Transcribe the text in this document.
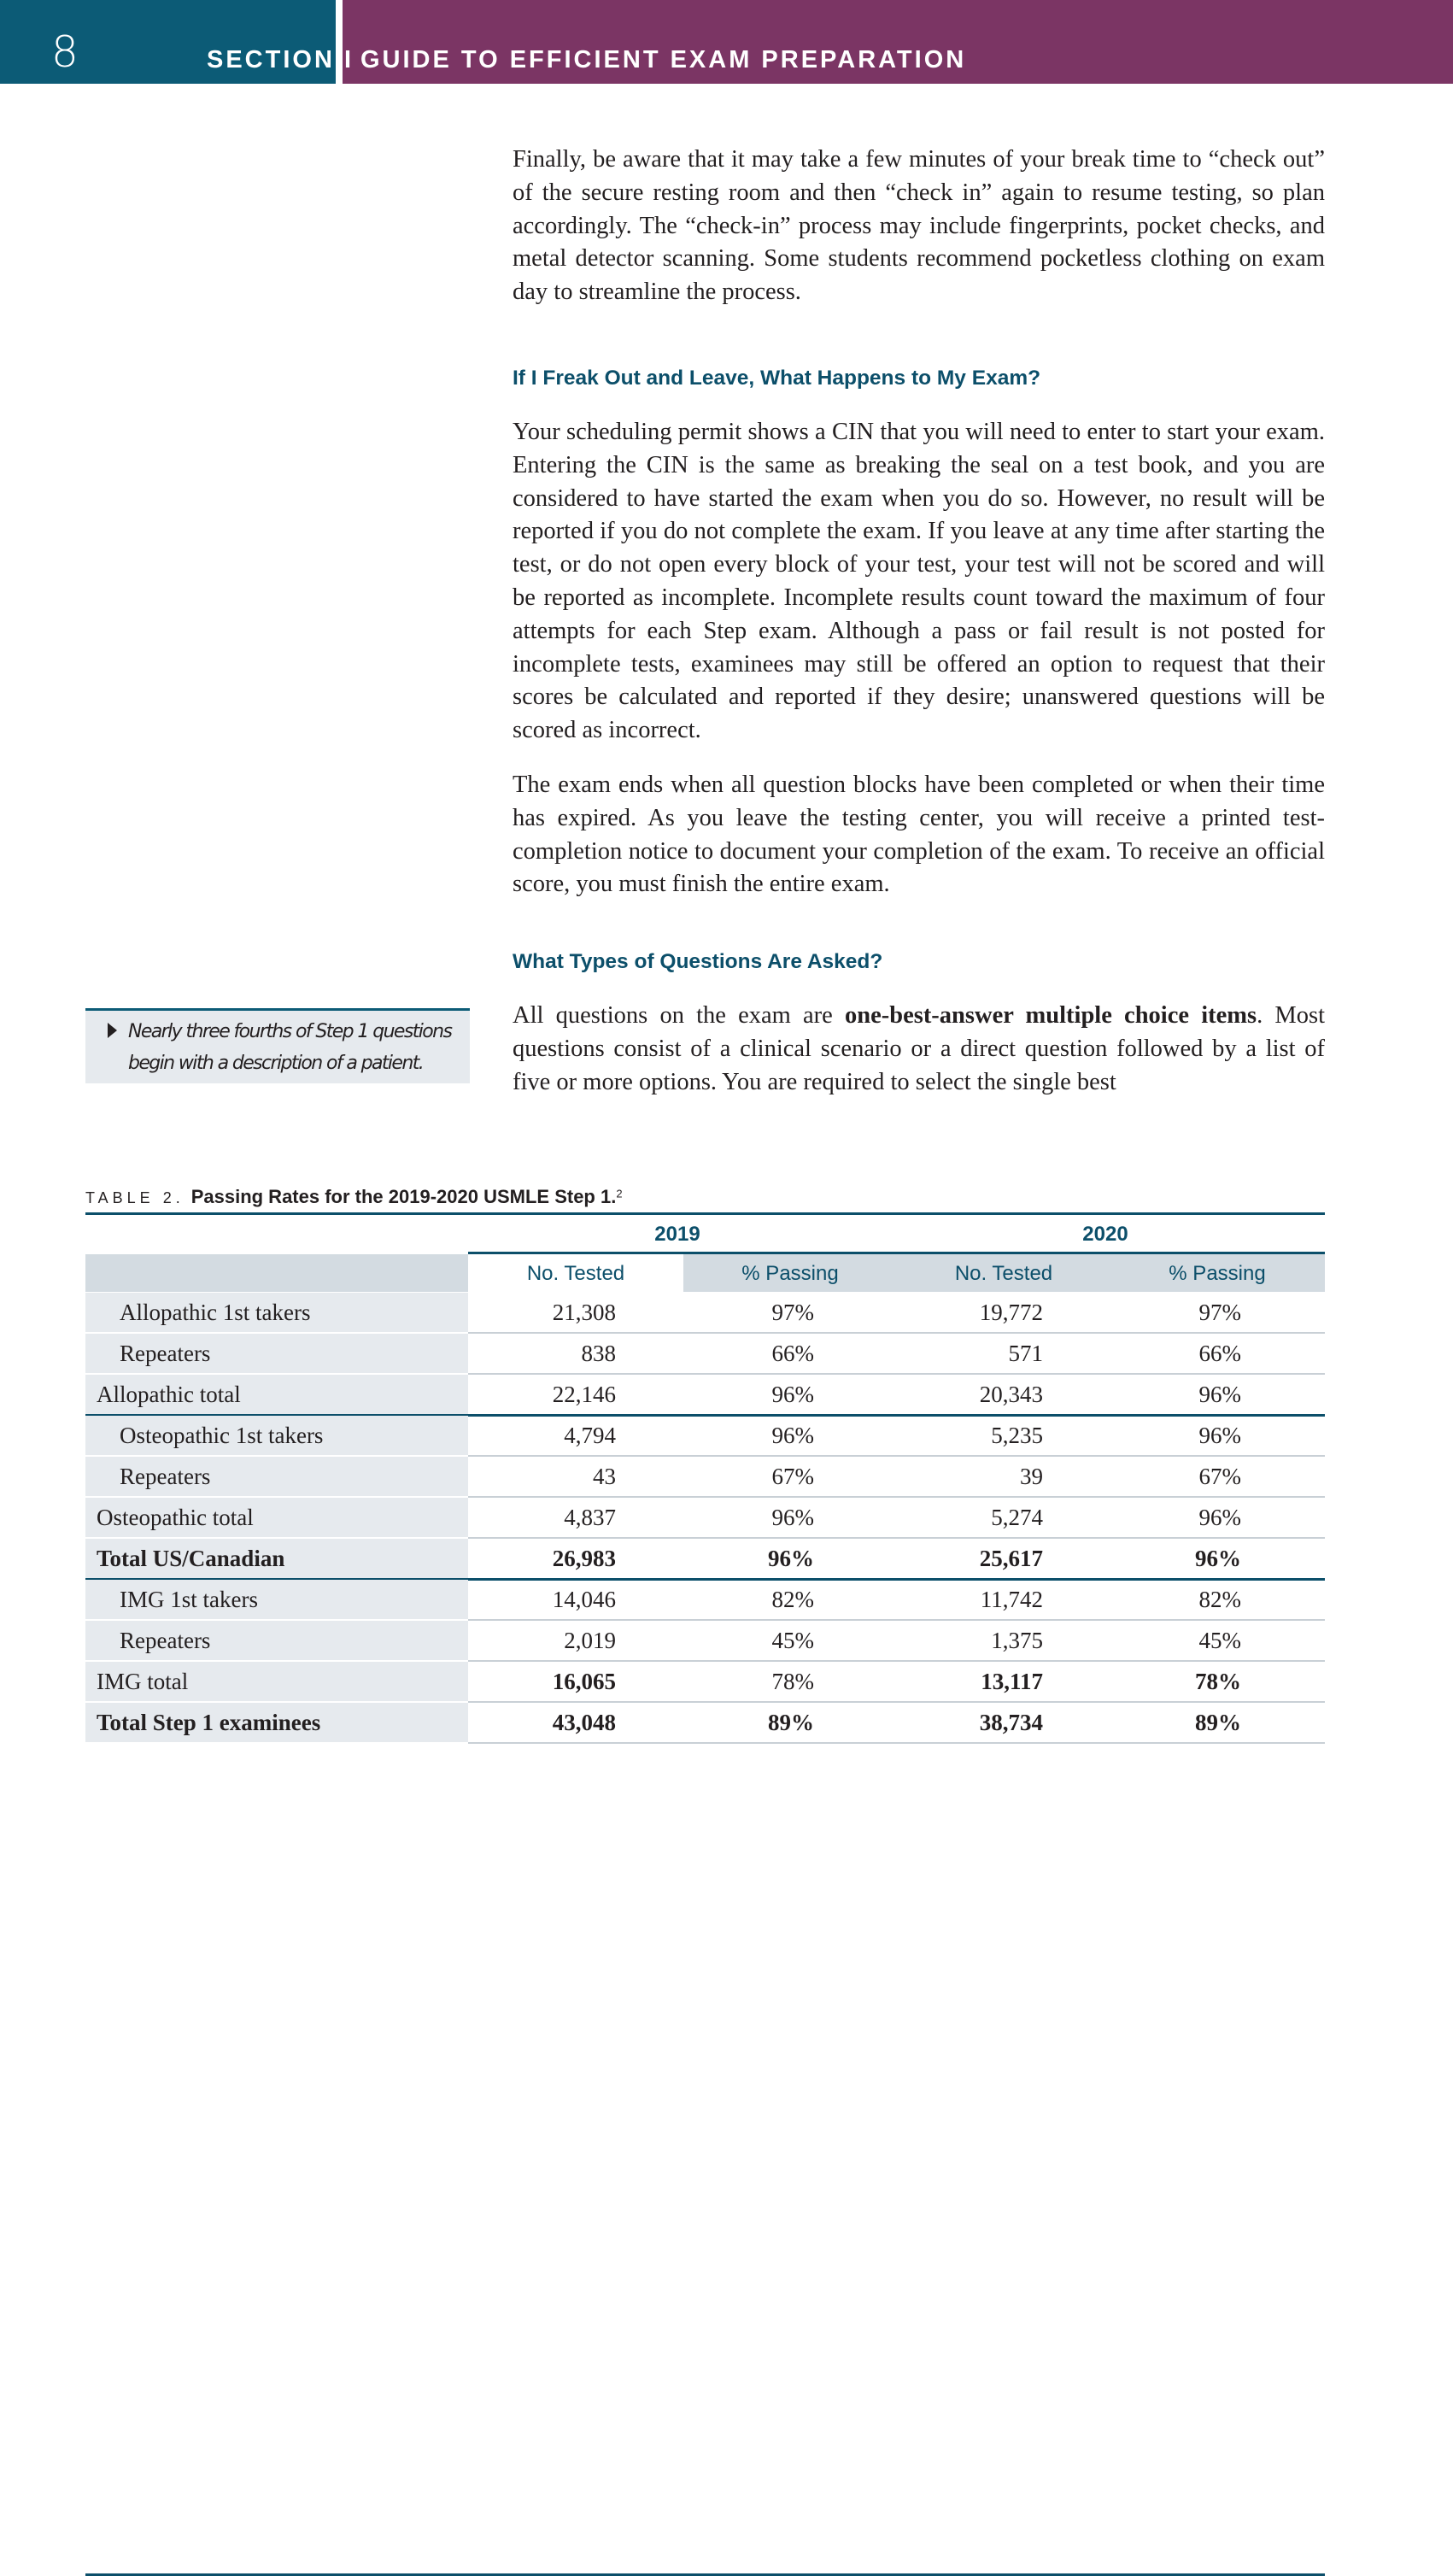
8	SECTION I GUIDE TO EFFICIENT EXAM PREPARATION

Finally, be aware that it may take a few minutes of your break time to “check out” of the secure resting room and then “check in” again to resume testing, so plan accordingly. The “check-in” process may include fingerprints, pocket checks, and metal detector scanning. Some students recommend pocketless clothing on exam day to streamline the process.

If I Freak Out and Leave, What Happens to My Exam?

Your scheduling permit shows a CIN that you will need to enter to start your exam. Entering the CIN is the same as breaking the seal on a test book, and you are considered to have started the exam when you do so. However, no result will be reported if you do not complete the exam. If you leave at any time after starting the test, or do not open every block of your test, your test will not be scored and will be reported as incomplete. Incomplete results count toward the maximum of four attempts for each Step exam. Although a pass or fail result is not posted for incomplete tests, examinees may still be offered an option to request that their scores be calculated and reported if they desire; unanswered questions will be scored as incorrect.

The exam ends when all question blocks have been completed or when their time has expired. As you leave the testing center, you will receive a printed test-completion notice to document your completion of the exam. To receive an official score, you must finish the entire exam.

What Types of Questions Are Asked?

All questions on the exam are one-best-answer multiple choice items. Most questions consist of a clinical scenario or a direct question followed by a list of five or more options. You are required to select the single best

Nearly three fourths of Step 1 questions begin with a description of a patient.

TABLE 2. Passing Rates for the 2019-2020 USMLE Step 1.$^2$
2019	2020
No. Tested	% Passing	No. Tested	% Passing
Allopathic 1st takers	21,308	97%	19,772	97%
Repeaters	838	66%	571	66%
Allopathic total	22,146	96%	20,343	96%
Osteopathic 1st takers	4,794	96%	5,235	96%
Repeaters	43	67%	39	67%
Osteopathic total	4,837	96%	5,274	96%
Total US/Canadian	26,983	96%	25,617	96%
IMG 1st takers	14,046	82%	11,742	82%
Repeaters	2,019	45%	1,375	45%
IMG total	16,065	78%	13,117	78%
Total Step 1 examinees	43,048	89%	38,734	89%
